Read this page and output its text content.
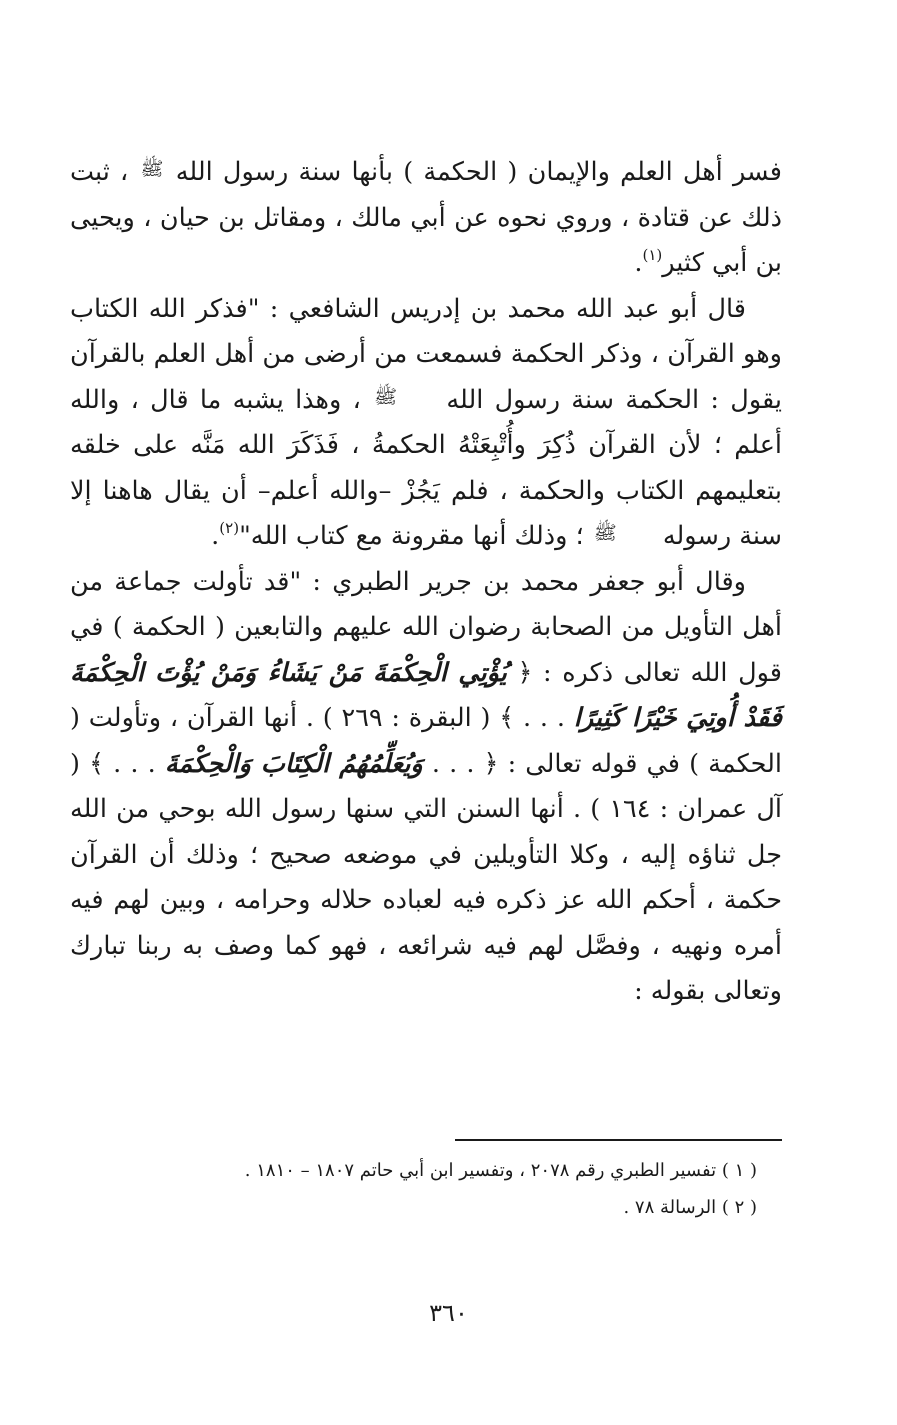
فسر أهل العلم والإيمان ( الحكمة ) بأنها سنة رسول الله ﷺ ، ثبت ذلك عن قتادة ، وروي نحوه عن أبي مالك ، ومقاتل بن حيان ، ويحيى بن أبي كثير$^{(١)}$.

قال أبو عبد الله محمد بن إدريس الشافعي : "فذكر الله الكتاب وهو القرآن ، وذكر الحكمة فسمعت من أرضى من أهل العلم بالقرآن يقول : الحكمة سنة رسول الله ﷺ ، وهذا يشبه ما قال ، والله أعلم ؛ لأن القرآن ذُكِرَ وأُتْبِعَتْهُ الحكمةُ ، فَذَكَرَ الله مَنَّه على خلقه بتعليمهم الكتاب والحكمة ، فلم يَجُزْ –والله أعلم– أن يقال هاهنا إلا سنة رسوله ﷺ ؛ وذلك أنها مقرونة مع كتاب الله"$^{(٢)}$.

وقال أبو جعفر محمد بن جرير الطبري : "قد تأولت جماعة من أهل التأويل من الصحابة رضوان الله عليهم والتابعين ( الحكمة ) في قول الله تعالى ذكره : ﴿ يُؤْتِي الْحِكْمَةَ مَنْ يَشَاءُ وَمَنْ يُؤْتَ الْحِكْمَةَ فَقَدْ أُوتِيَ خَيْرًا كَثِيرًا . . . ﴾ ( البقرة : ٢٦٩ ) . أنها القرآن ، وتأولت ( الحكمة ) في قوله تعالى : ﴿ . . . وَيُعَلِّمُهُمُ الْكِتَابَ وَالْحِكْمَةَ . . . ﴾ ( آل عمران : ١٦٤ ) . أنها السنن التي سنها رسول الله بوحي من الله جل ثناؤه إليه ، وكلا التأويلين في موضعه صحيح ؛ وذلك أن القرآن حكمة ، أحكم الله عز ذكره فيه لعباده حلاله وحرامه ، وبين لهم فيه أمره ونهيه ، وفصَّل لهم فيه شرائعه ، فهو كما وصف به ربنا تبارك وتعالى بقوله :

( ١ ) تفسير الطبري رقم ٢٠٧٨ ، وتفسير ابن أبي حاتم ١٨٠٧ – ١٨١٠ .

( ٢ ) الرسالة ٧٨ .

٣٦٠
